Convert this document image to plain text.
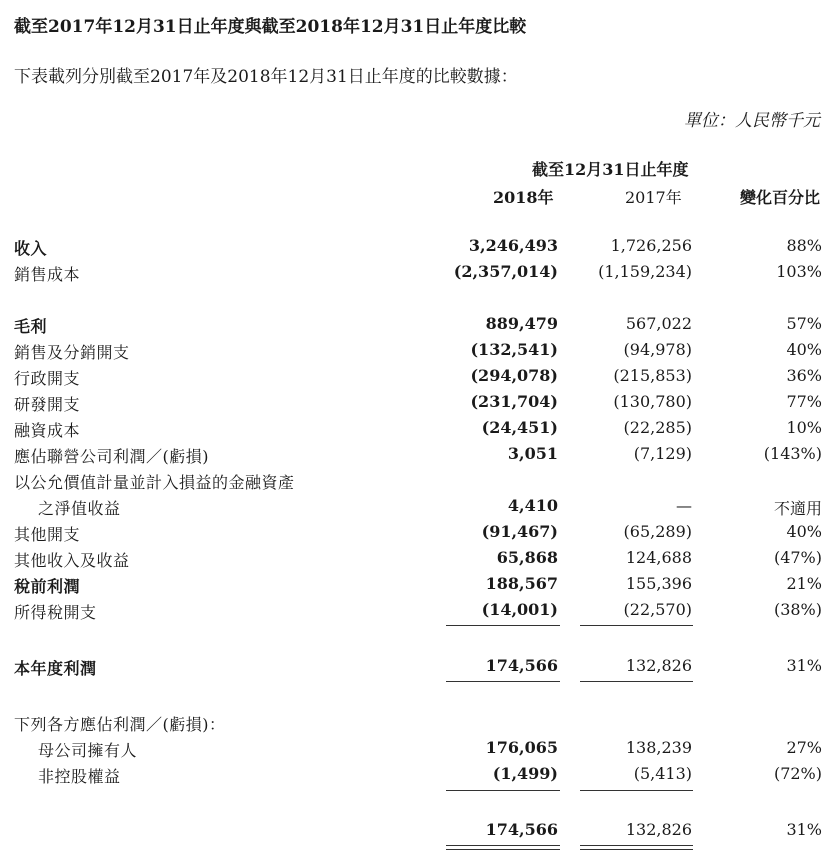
截至2017年12月31日止年度與截至2018年12月31日止年度比較
下表載列分別截至2017年及2018年12月31日止年度的比較數據：
單位：人民幣千元
截至12月31日止年度
2018年	2017年	變化百分比
收入	3,246,493	1,726,256	88%
銷售成本	(2,357,014)	(1,159,234)	103%
毛利	889,479	567,022	57%
銷售及分銷開支	(132,541)	(94,978)	40%
行政開支	(294,078)	(215,853)	36%
研發開支	(231,704)	(130,780)	77%
融資成本	(24,451)	(22,285)	10%
應佔聯營公司利潤／(虧損)	3,051	(7,129)	(143%)
以公允價值計量並計入損益的金融資產
之淨值收益	4,410	—	不適用
其他開支	(91,467)	(65,289)	40%
其他收入及收益	65,868	124,688	(47%)
稅前利潤	188,567	155,396	21%
所得稅開支	(14,001)	(22,570)	(38%)
本年度利潤	174,566	132,826	31%
下列各方應佔利潤／(虧損)：
母公司擁有人	176,065	138,239	27%
非控股權益	(1,499)	(5,413)	(72%)
174,566	132,826	31%
